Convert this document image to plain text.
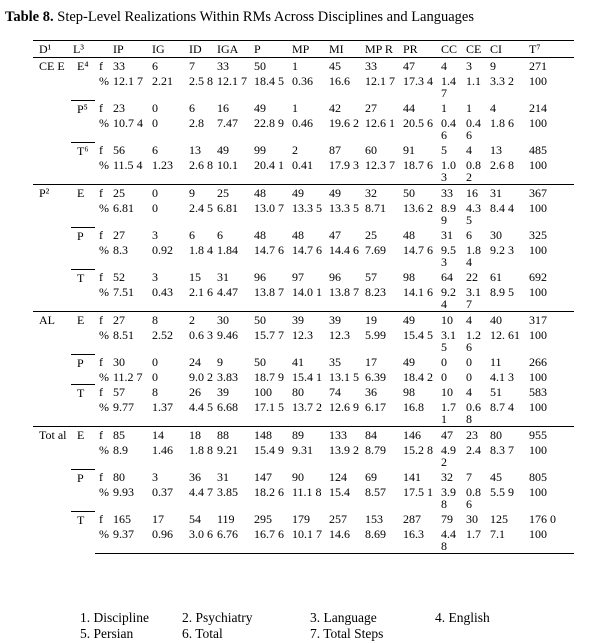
Table 8. Step-Level Realizations Within RMs Across Disciplines and Languages
D¹	L³		IP	IG	ID	IGA	P	MP	MI	MP R	PR	CC	CE	CI	T⁷
CE E	E⁴	f	33	6	7	33	50	1	45	33	47	4	3	9	271
		%	12.1 7	2.21	2.5 8	12.1 7	18.4 5	0.36	16.6	12.1 7	17.3 4	1.4 7	1.1	3.3 2	100
	P⁵	f	23	0	6	16	49	1	42	27	44	1	1	4	214
		%	10.7 4	0	2.8	7.47	22.8 9	0.46	19.6 2	12.6 1	20.5 6	0.4 6	0.4 6	1.8 6	100
	T⁶	f	56	6	13	49	99	2	87	60	91	5	4	13	485
		%	11.5 4	1.23	2.6 8	10.1	20.4 1	0.41	17.9 3	12.3 7	18.7 6	1.0 3	0.8 2	2.6 8	100
P²	E	f	25	0	9	25	48	49	49	32	50	33	16	31	367
		%	6.81	0	2.4 5	6.81	13.0 7	13.3 5	13.3 5	8.71	13.6 2	8.9 9	4.3 5	8.4 4	100
	P	f	27	3	6	6	48	48	47	25	48	31	6	30	325
		%	8.3	0.92	1.8 4	1.84	14.7 6	14.7 6	14.4 6	7.69	14.7 6	9.5 3	1.8 4	9.2 3	100
	T	f	52	3	15	31	96	97	96	57	98	64	22	61	692
		%	7.51	0.43	2.1 6	4.47	13.8 7	14.0 1	13.8 7	8.23	14.1 6	9.2 4	3.1 7	8.9 5	100
AL	E	f	27	8	2	30	50	39	39	19	49	10	4	40	317
		%	8.51	2.52	0.6 3	9.46	15.7 7	12.3	12.3	5.99	15.4 5	3.1 5	1.2 6	12. 61	100
	P	f	30	0	24	9	50	41	35	17	49	0	0	11	266
		%	11.2 7	0	9.0 2	3.83	18.7 9	15.4 1	13.1 5	6.39	18.4 2	0	0	4.1 3	100
	T	f	57	8	26	39	100	80	74	36	98	10	4	51	583
		%	9.77	1.37	4.4 5	6.68	17.1 5	13.7 2	12.6 9	6.17	16.8	1.7 1	0.6 8	8.7 4	100
Tot al	E	f	85	14	18	88	148	89	133	84	146	47	23	80	955
		%	8.9	1.46	1.8 8	9.21	15.4 9	9.31	13.9 2	8.79	15.2 8	4.9 2	2.4	8.3 7	100
	P	f	80	3	36	31	147	90	124	69	141	32	7	45	805
		%	9.93	0.37	4.4 7	3.85	18.2 6	11.1 8	15.4	8.57	17.5 1	3.9 8	0.8 6	5.5 9	100
	T	f	165	17	54	119	295	179	257	153	287	79	30	125	176 0
		%	9.37	0.96	3.0 6	6.76	16.7 6	10.1 7	14.6	8.69	16.3	4.4 8	1.7	7.1	100
1. Discipline 2. Psychiatry	3. Language	4. English
5. Persian	6. Total	7. Total Steps
